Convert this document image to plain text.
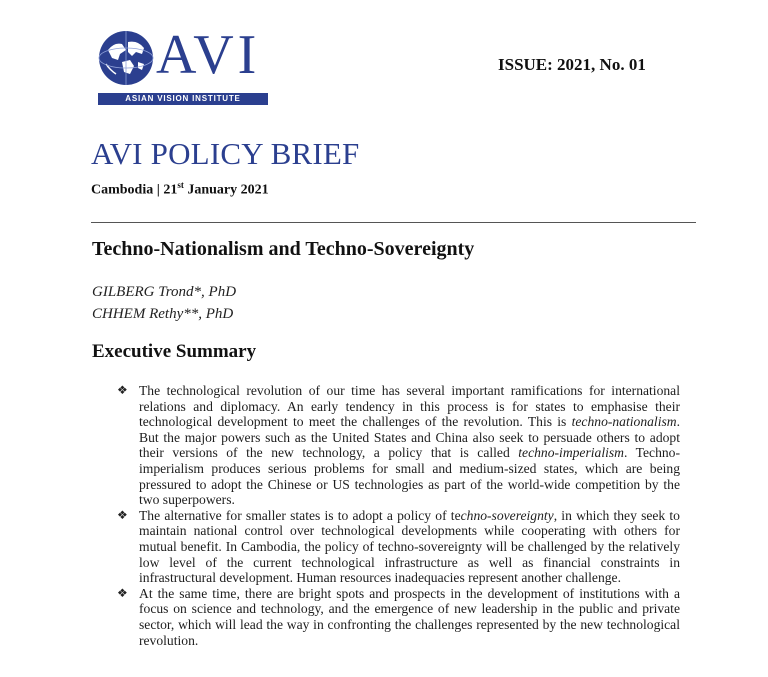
AVI
ASIAN VISION INSTITUTE
ISSUE: 2021, No. 01
AVI POLICY BRIEF
Cambodia | 21st January 2021
Techno-Nationalism and Techno-Sovereignty
GILBERG Trond*, PhD
CHHEM Rethy**, PhD
Executive Summary
❖ The technological revolution of our time has several important ramifications for international relations and diplomacy. An early tendency in this process is for states to emphasise their technological development to meet the challenges of the revolution. This is techno-nationalism. But the major powers such as the United States and China also seek to persuade others to adopt their versions of the new technology, a policy that is called techno-imperialism. Techno-imperialism produces serious problems for small and medium-sized states, which are being pressured to adopt the Chinese or US technologies as part of the world-wide competition by the two superpowers.
❖ The alternative for smaller states is to adopt a policy of techno-sovereignty, in which they seek to maintain national control over technological developments while cooperating with others for mutual benefit. In Cambodia, the policy of techno-sovereignty will be challenged by the relatively low level of the current technological infrastructure as well as financial constraints in infrastructural development. Human resources inadequacies represent another challenge.
❖ At the same time, there are bright spots and prospects in the development of institutions with a focus on science and technology, and the emergence of new leadership in the public and private sector, which will lead the way in confronting the challenges represented by the new technological revolution.
